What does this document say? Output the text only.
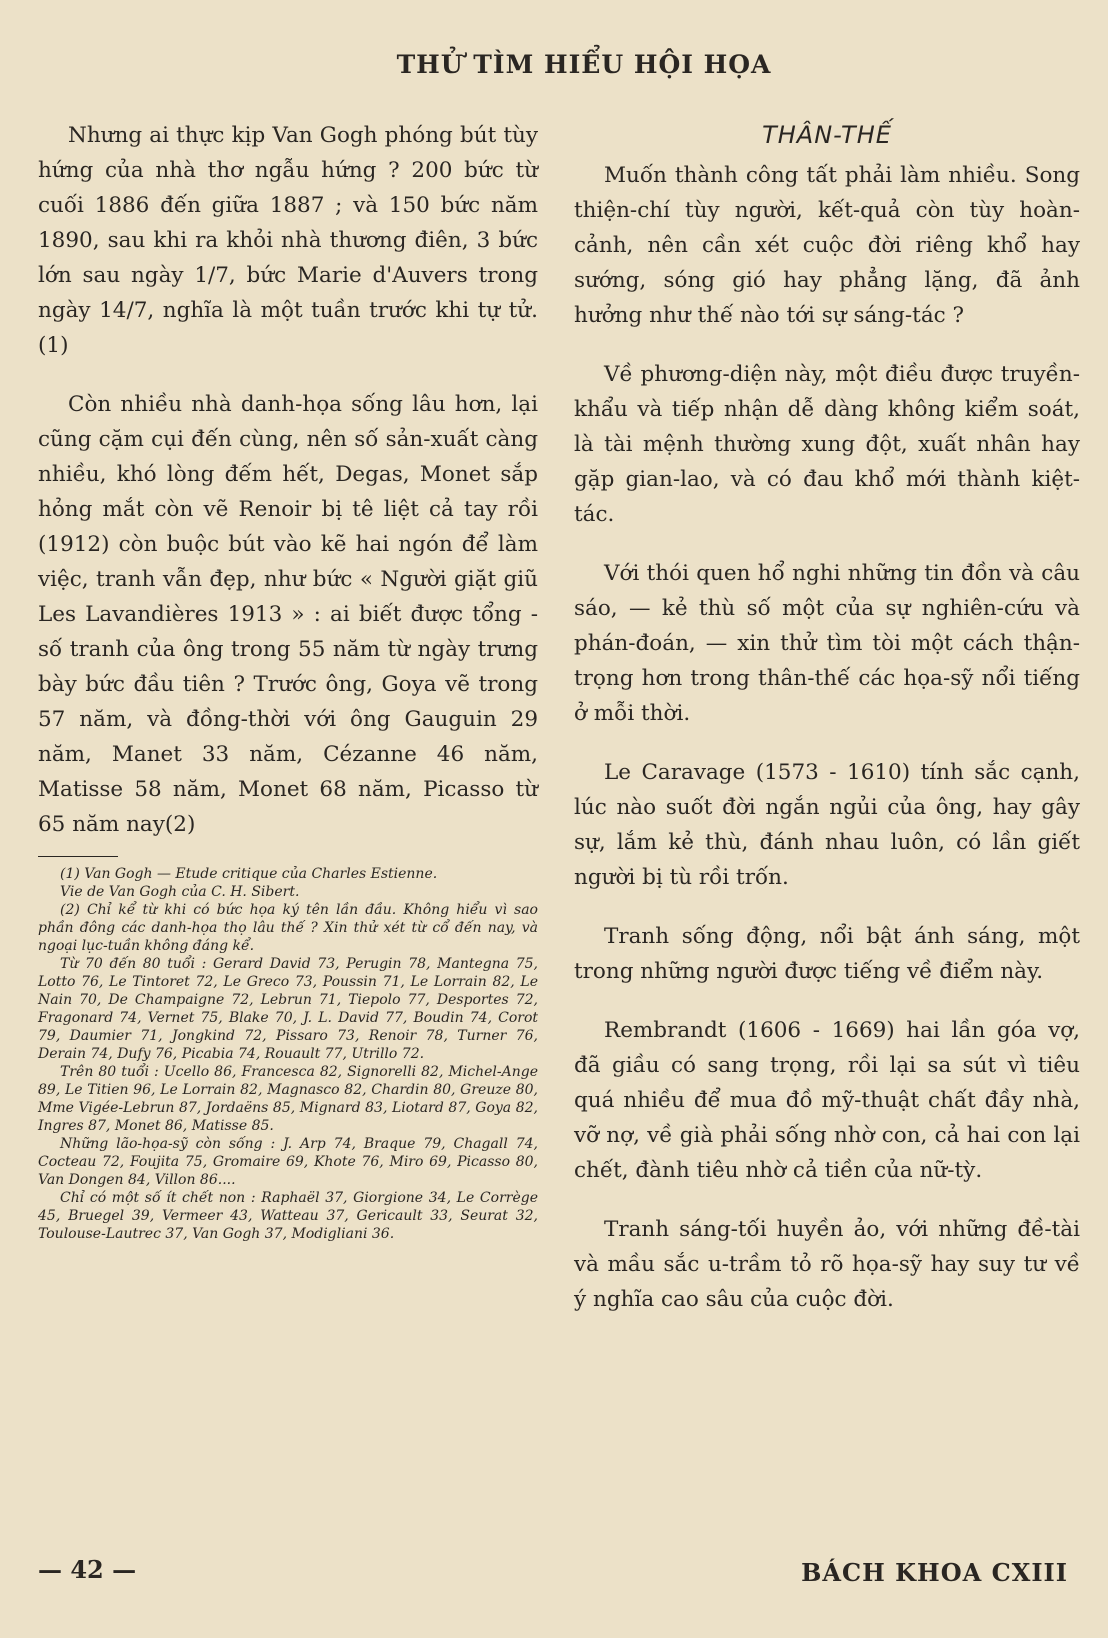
THỬ TÌM HIỂU HỘI HỌA

Nhưng ai thực kịp Van Gogh phóng bút tùy hứng của nhà thơ ngẫu hứng ? 200 bức từ cuối 1886 đến giữa 1887 ; và 150 bức năm 1890, sau khi ra khỏi nhà thương điên, 3 bức lớn sau ngày 1/7, bức Marie d'Auvers trong ngày 14/7, nghĩa là một tuần trước khi tự tử. (1)

Còn nhiều nhà danh-họa sống lâu hơn, lại cũng cặm cụi đến cùng, nên số sản-xuất càng nhiều, khó lòng đếm hết, Degas, Monet sắp hỏng mắt còn vẽ Renoir bị tê liệt cả tay rồi (1912) còn buộc bút vào kẽ hai ngón để làm việc, tranh vẫn đẹp, như bức « Người giặt giũ Les Lavandières 1913 » : ai biết được tổng - số tranh của ông trong 55 năm từ ngày trưng bày bức đầu tiên ? Trước ông, Goya vẽ trong 57 năm, và đồng-thời với ông Gauguin 29 năm, Manet 33 năm, Cézanne 46 năm, Matisse 58 năm, Monet 68 năm, Picasso từ 65 năm nay(2)

(1) Van Gogh — Etude critique của Charles Estienne.

Vie de Van Gogh của C. H. Sibert.

(2) Chỉ kể từ khi có bức họa ký tên lần đầu. Không hiểu vì sao phần đông các danh-họa thọ lâu thế ? Xin thử xét từ cổ đến nay, và ngoại lục-tuần không đáng kể.

Từ 70 đến 80 tuổi : Gerard David 73, Perugin 78, Mantegna 75, Lotto 76, Le Tintoret 72, Le Greco 73, Poussin 71, Le Lorrain 82, Le Nain 70, De Champaigne 72, Lebrun 71, Tiepolo 77, Desportes 72, Fragonard 74, Vernet 75, Blake 70, J. L. David 77, Boudin 74, Corot 79, Daumier 71, Jongkind 72, Pissaro 73, Renoir 78, Turner 76, Derain 74, Dufy 76, Picabia 74, Rouault 77, Utrillo 72.

Trên 80 tuổi : Ucello 86, Francesca 82, Signorelli 82, Michel-Ange 89, Le Titien 96, Le Lorrain 82, Magnasco 82, Chardin 80, Greuze 80, Mme Vigée-Lebrun 87, Jordaëns 85, Mignard 83, Liotard 87, Goya 82, Ingres 87, Monet 86, Matisse 85.

Những lão-họa-sỹ còn sống : J. Arp 74, Braque 79, Chagall 74, Cocteau 72, Foujita 75, Gromaire 69, Khote 76, Miro 69, Picasso 80, Van Dongen 84, Villon 86....

Chỉ có một số ít chết non : Raphaël 37, Giorgione 34, Le Corrège 45, Bruegel 39, Vermeer 43, Watteau 37, Gericault 33, Seurat 32, Toulouse-Lautrec 37, Van Gogh 37, Modigliani 36.

THÂN-THẾ

Muốn thành công tất phải làm nhiều. Song thiện-chí tùy người, kết-quả còn tùy hoàn-cảnh, nên cần xét cuộc đời riêng khổ hay sướng, sóng gió hay phẳng lặng, đã ảnh hưởng như thế nào tới sự sáng-tác ?

Về phương-diện này, một điều được truyền-khẩu và tiếp nhận dễ dàng không kiểm soát, là tài mệnh thường xung đột, xuất nhân hay gặp gian-lao, và có đau khổ mới thành kiệt-tác.

Với thói quen hổ nghi những tin đồn và câu sáo, — kẻ thù số một của sự nghiên-cứu và phán-đoán, — xin thử tìm tòi một cách thận-trọng hơn trong thân-thế các họa-sỹ nổi tiếng ở mỗi thời.

Le Caravage (1573 - 1610) tính sắc cạnh, lúc nào suốt đời ngắn ngủi của ông, hay gây sự, lắm kẻ thù, đánh nhau luôn, có lần giết người bị tù rồi trốn.

Tranh sống động, nổi bật ánh sáng, một trong những người được tiếng về điểm này.

Rembrandt (1606 - 1669) hai lần góa vợ, đã giầu có sang trọng, rồi lại sa sút vì tiêu quá nhiều để mua đồ mỹ-thuật chất đầy nhà, vỡ nợ, về già phải sống nhờ con, cả hai con lại chết, đành tiêu nhờ cả tiền của nữ-tỳ.

Tranh sáng-tối huyền ảo, với những đề-tài và mầu sắc u-trầm tỏ rõ họa-sỹ hay suy tư về ý nghĩa cao sâu của cuộc đời.

— 42 —	BÁCH KHOA CXIII
